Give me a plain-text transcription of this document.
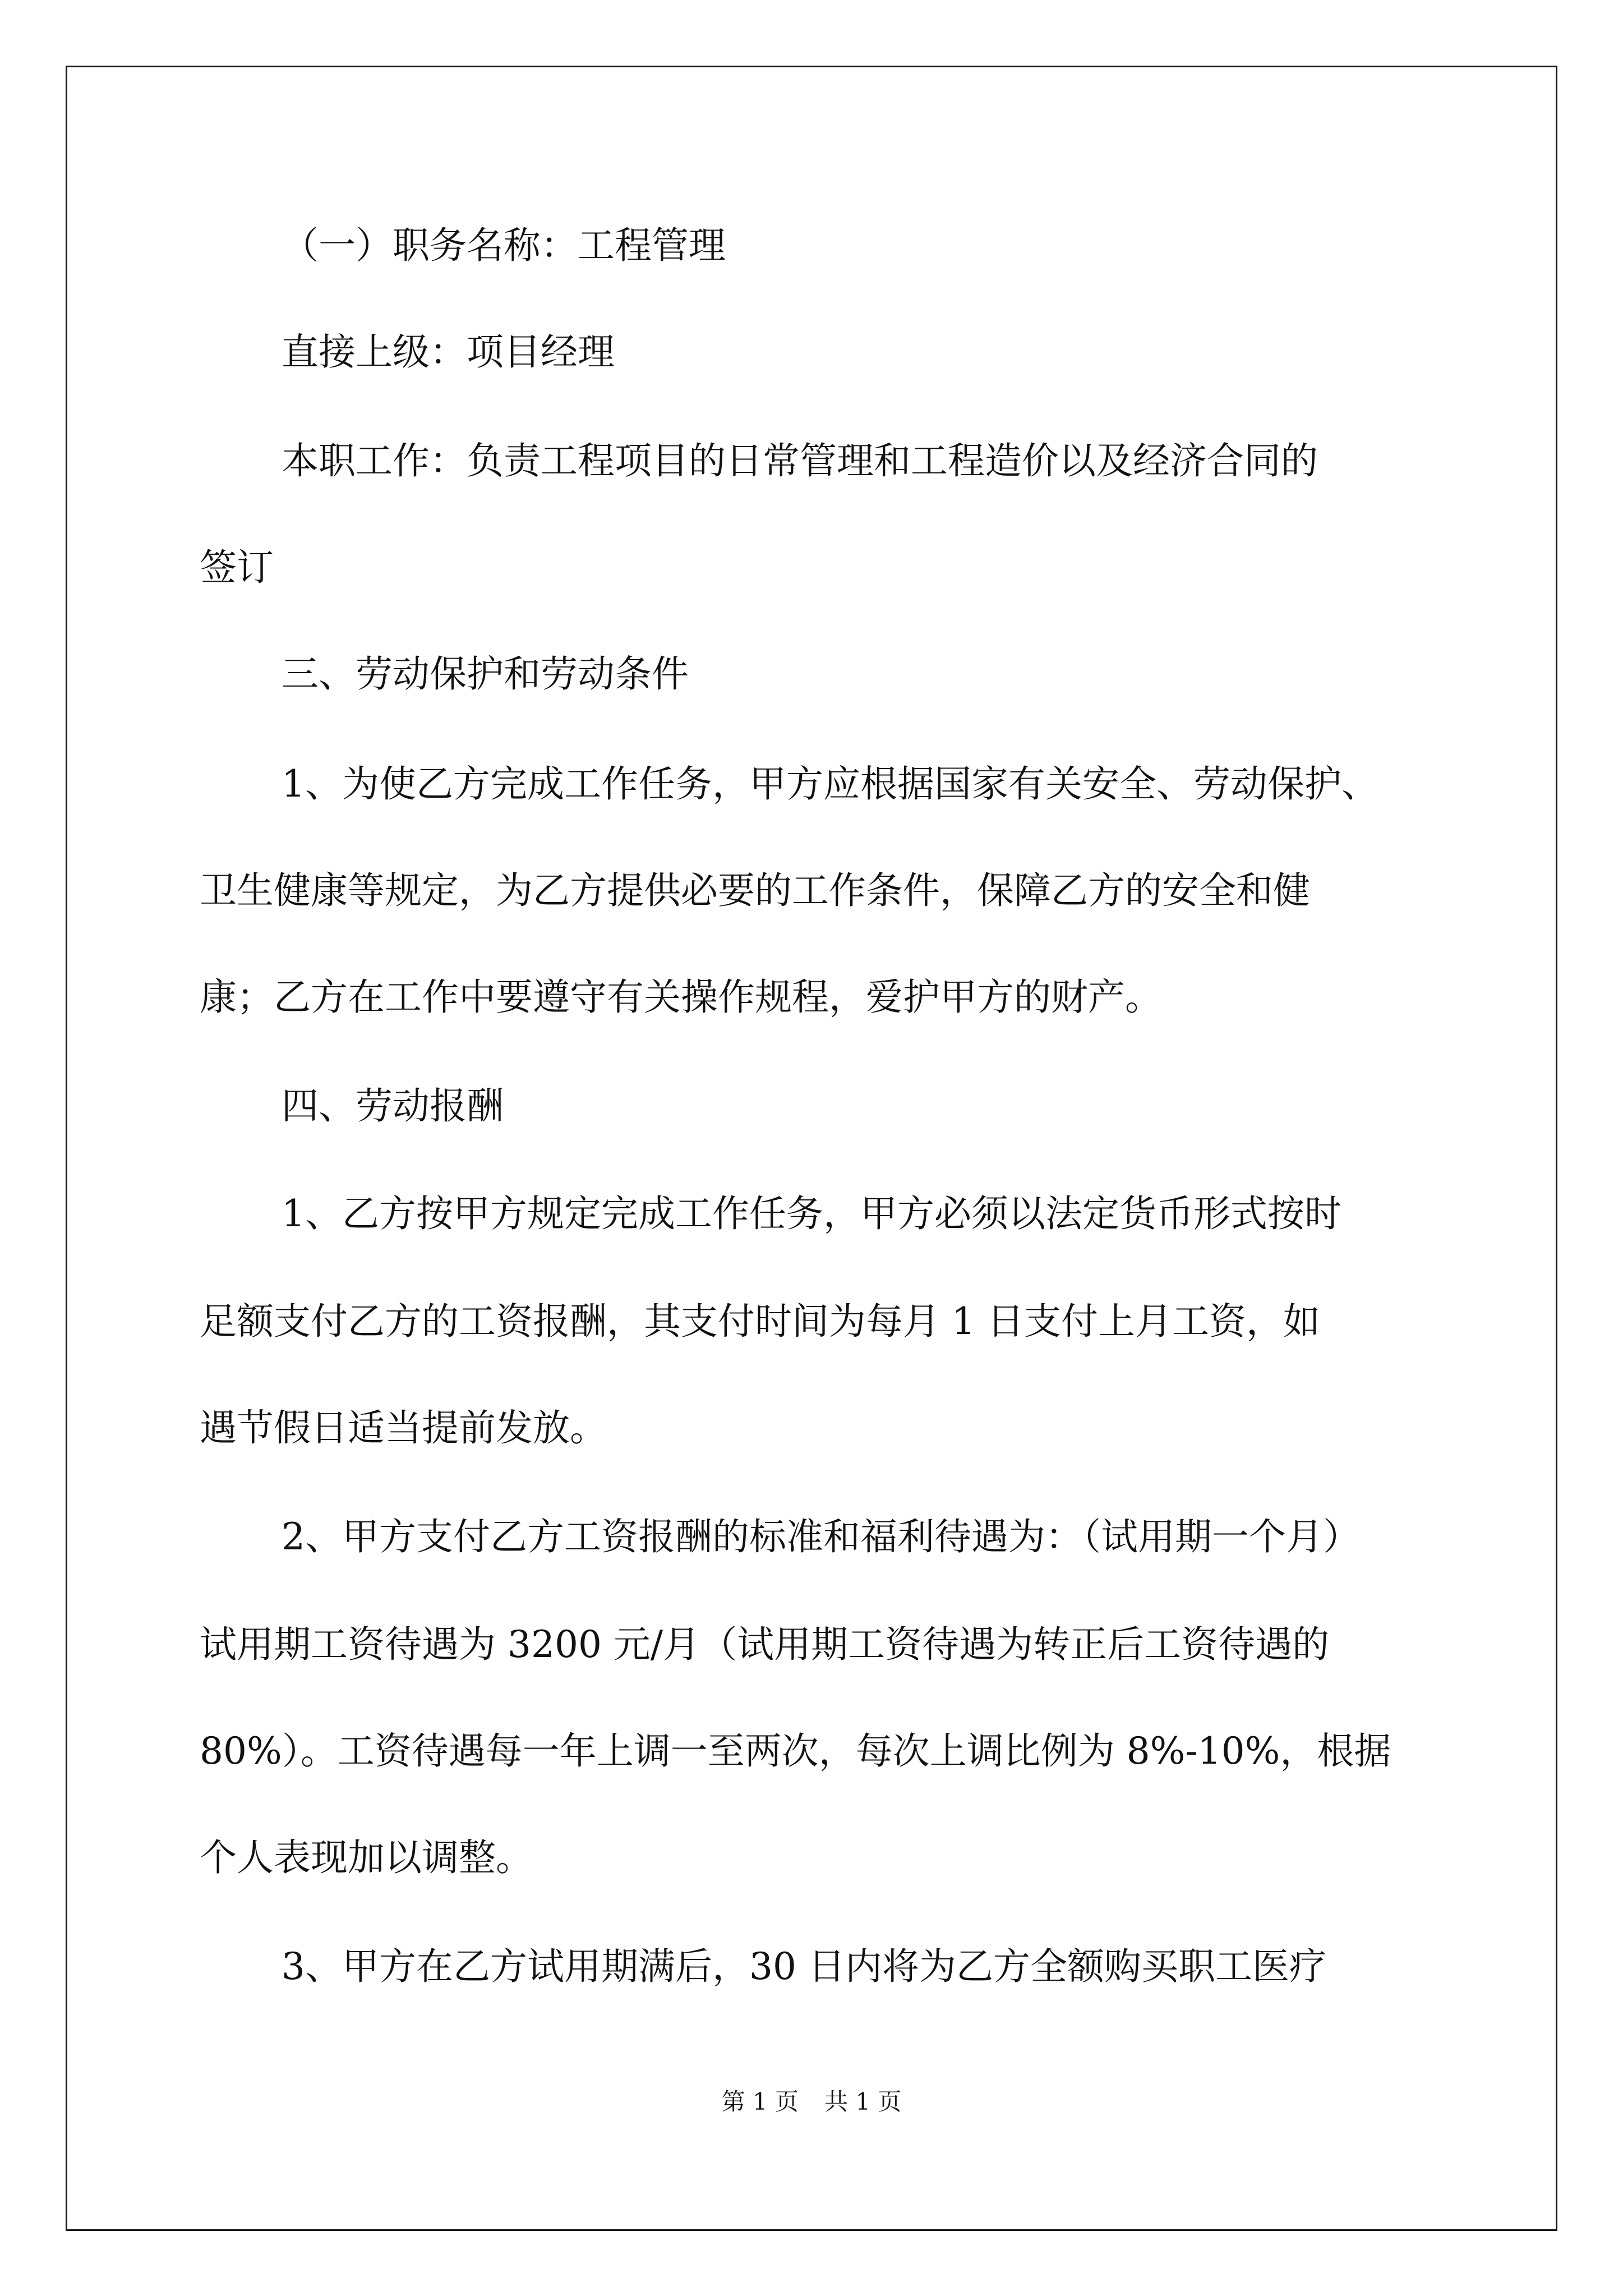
（一）职务名称：工程管理

直接上级：项目经理

本职工作：负责工程项目的日常管理和工程造价以及经济合同的

签订

三、劳动保护和劳动条件

1、为使乙方完成工作任务，甲方应根据国家有关安全、劳动保护、

卫生健康等规定，为乙方提供必要的工作条件，保障乙方的安全和健

康；乙方在工作中要遵守有关操作规程，爱护甲方的财产。

四、劳动报酬

1、乙方按甲方规定完成工作任务，甲方必须以法定货币形式按时

足额支付乙方的工资报酬，其支付时间为每月 1 日支付上月工资，如

遇节假日适当提前发放。

2、甲方支付乙方工资报酬的标准和福利待遇为：（试用期一个月）

试用期工资待遇为 3200 元/月（试用期工资待遇为转正后工资待遇的

80%）。工资待遇每一年上调一至两次，每次上调比例为 8%-10%，根据

个人表现加以调整。

3、甲方在乙方试用期满后，30 日内将为乙方全额购买职工医疗

第 1 页 共 1 页
